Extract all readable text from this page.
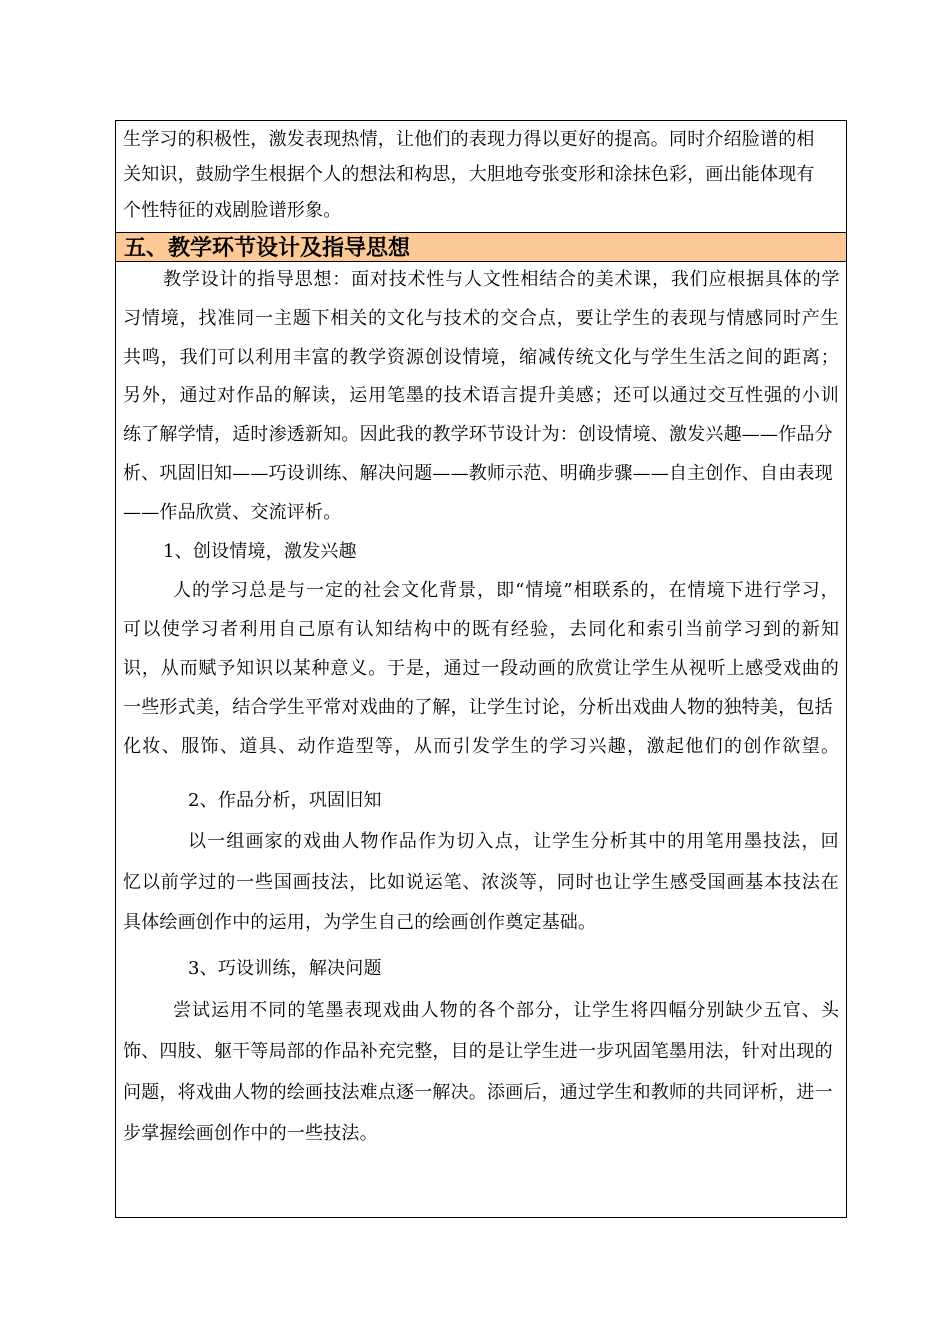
生学习的积极性，激发表现热情，让他们的表现力得以更好的提高。同时介绍脸谱的相
关知识，鼓励学生根据个人的想法和构思，大胆地夸张变形和涂抹色彩，画出能体现有
个性特征的戏剧脸谱形象。
五、教学环节设计及指导思想
教学设计的指导思想：面对技术性与人文性相结合的美术课，我们应根据具体的学
习情境，找准同一主题下相关的文化与技术的交合点，要让学生的表现与情感同时产生
共鸣，我们可以利用丰富的教学资源创设情境，缩减传统文化与学生生活之间的距离；
另外，通过对作品的解读，运用笔墨的技术语言提升美感；还可以通过交互性强的小训
练了解学情，适时渗透新知。因此我的教学环节设计为：创设情境、激发兴趣——作品分
析、巩固旧知——巧设训练、解决问题——教师示范、明确步骤——自主创作、自由表现
——作品欣赏、交流评析。
1、创设情境，激发兴趣
人的学习总是与一定的社会文化背景，即“情境”相联系的，在情境下进行学习，
可以使学习者利用自己原有认知结构中的既有经验，去同化和索引当前学习到的新知
识，从而赋予知识以某种意义。于是，通过一段动画的欣赏让学生从视听上感受戏曲的
一些形式美，结合学生平常对戏曲的了解，让学生讨论，分析出戏曲人物的独特美，包括
化妆、服饰、道具、动作造型等，从而引发学生的学习兴趣，激起他们的创作欲望。
2、作品分析，巩固旧知
以一组画家的戏曲人物作品作为切入点，让学生分析其中的用笔用墨技法，回
忆以前学过的一些国画技法，比如说运笔、浓淡等，同时也让学生感受国画基本技法在
具体绘画创作中的运用，为学生自己的绘画创作奠定基础。
3、巧设训练，解决问题
尝试运用不同的笔墨表现戏曲人物的各个部分，让学生将四幅分别缺少五官、头
饰、四肢、躯干等局部的作品补充完整，目的是让学生进一步巩固笔墨用法，针对出现的
问题，将戏曲人物的绘画技法难点逐一解决。添画后，通过学生和教师的共同评析，进一
步掌握绘画创作中的一些技法。
